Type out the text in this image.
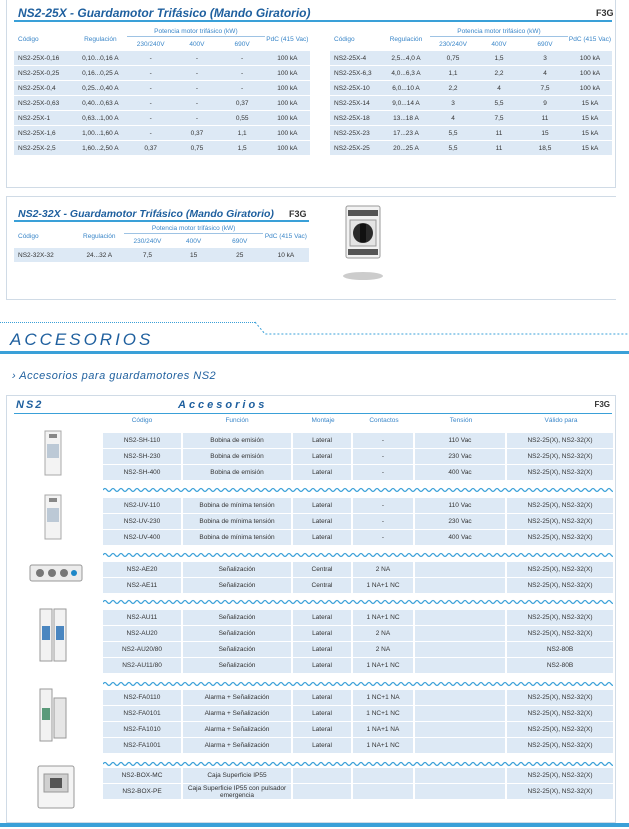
NS2-25X - Guardamotor Trifásico (Mando Giratorio)	F3G
Código	Regulación	Potencia motor trifásico (kW)			PdC (415 Vac)
		230/240V	400V	690V	
NS2-25X-0,16	0,10...0,16 A	-	-	-	100 kA
NS2-25X-0,25	0,16...0,25 A	-	-	-	100 kA
NS2-25X-0,4	0,25...0,40 A	-	-	-	100 kA
NS2-25X-0,63	0,40...0,63 A	-	-	0,37	100 kA
NS2-25X-1	0,63...1,00 A	-	-	0,55	100 kA
NS2-25X-1,6	1,00...1,60 A	-	0,37	1,1	100 kA
NS2-25X-2,5	1,60...2,50 A	0,37	0,75	1,5	100 kA
Código	Regulación	Potencia motor trifásico (kW)			PdC (415 Vac)
		230/240V	400V	690V	
NS2-25X-4	2,5...4,0 A	0,75	1,5	3	100 kA
NS2-25X-6,3	4,0...6,3 A	1,1	2,2	4	100 kA
NS2-25X-10	6,0...10 A	2,2	4	7,5	100 kA
NS2-25X-14	9,0...14 A	3	5,5	9	15 kA
NS2-25X-18	13...18 A	4	7,5	11	15 kA
NS2-25X-23	17...23 A	5,5	11	15	15 kA
NS2-25X-25	20...25 A	5,5	11	18,5	15 kA
NS2-32X - Guardamotor Trifásico (Mando Giratorio) F3G
Código	Regulación	Potencia motor trifásico (kW)			PdC (415 Vac)
		230/240V	400V	690V	
NS2-32X-32	24...32 A	7,5	15	25	10 kA
ACCESORIOS
› Accesorios para guardamotores NS2
NS2	Accesorios	F3G
Código	Función	Montaje	Contactos	Tensión	Válido para
NS2-SH-110		Bobina de emisión		Lateral		-		110 Vac		NS2-25(X), NS2-32(X)
NS2-SH-230		Bobina de emisión		Lateral		-		230 Vac		NS2-25(X), NS2-32(X)
NS2-SH-400		Bobina de emisión		Lateral		-		400 Vac		NS2-25(X), NS2-32(X)
NS2-UV-110		Bobina de mínima tensión		Lateral		-		110 Vac		NS2-25(X), NS2-32(X)
NS2-UV-230		Bobina de mínima tensión		Lateral		-		230 Vac		NS2-25(X), NS2-32(X)
NS2-UV-400		Bobina de mínima tensión		Lateral		-		400 Vac		NS2-25(X), NS2-32(X)
NS2-AE20		Señalización		Central		2 NA				NS2-25(X), NS2-32(X)
NS2-AE11		Señalización		Central		1 NA+1 NC				NS2-25(X), NS2-32(X)
NS2-AU11		Señalización		Lateral		1 NA+1 NC				NS2-25(X), NS2-32(X)
NS2-AU20		Señalización		Lateral		2 NA				NS2-25(X), NS2-32(X)
NS2-AU20/80		Señalización		Lateral		2 NA				NS2-80B
NS2-AU11/80		Señalización		Lateral		1 NA+1 NC				NS2-80B
NS2-FA0110		Alarma + Señalización		Lateral		1 NC+1 NA				NS2-25(X), NS2-32(X)
NS2-FA0101		Alarma + Señalización		Lateral		1 NC+1 NC				NS2-25(X), NS2-32(X)
NS2-FA1010		Alarma + Señalización		Lateral		1 NA+1 NA				NS2-25(X), NS2-32(X)
NS2-FA1001		Alarma + Señalización		Lateral		1 NA+1 NC				NS2-25(X), NS2-32(X)
NS2-BOX-MC		Caja Superficie IP55								NS2-25(X), NS2-32(X)
NS2-BOX-PE		Caja Superficie IP55 con pulsador emergencia								NS2-25(X), NS2-32(X)
